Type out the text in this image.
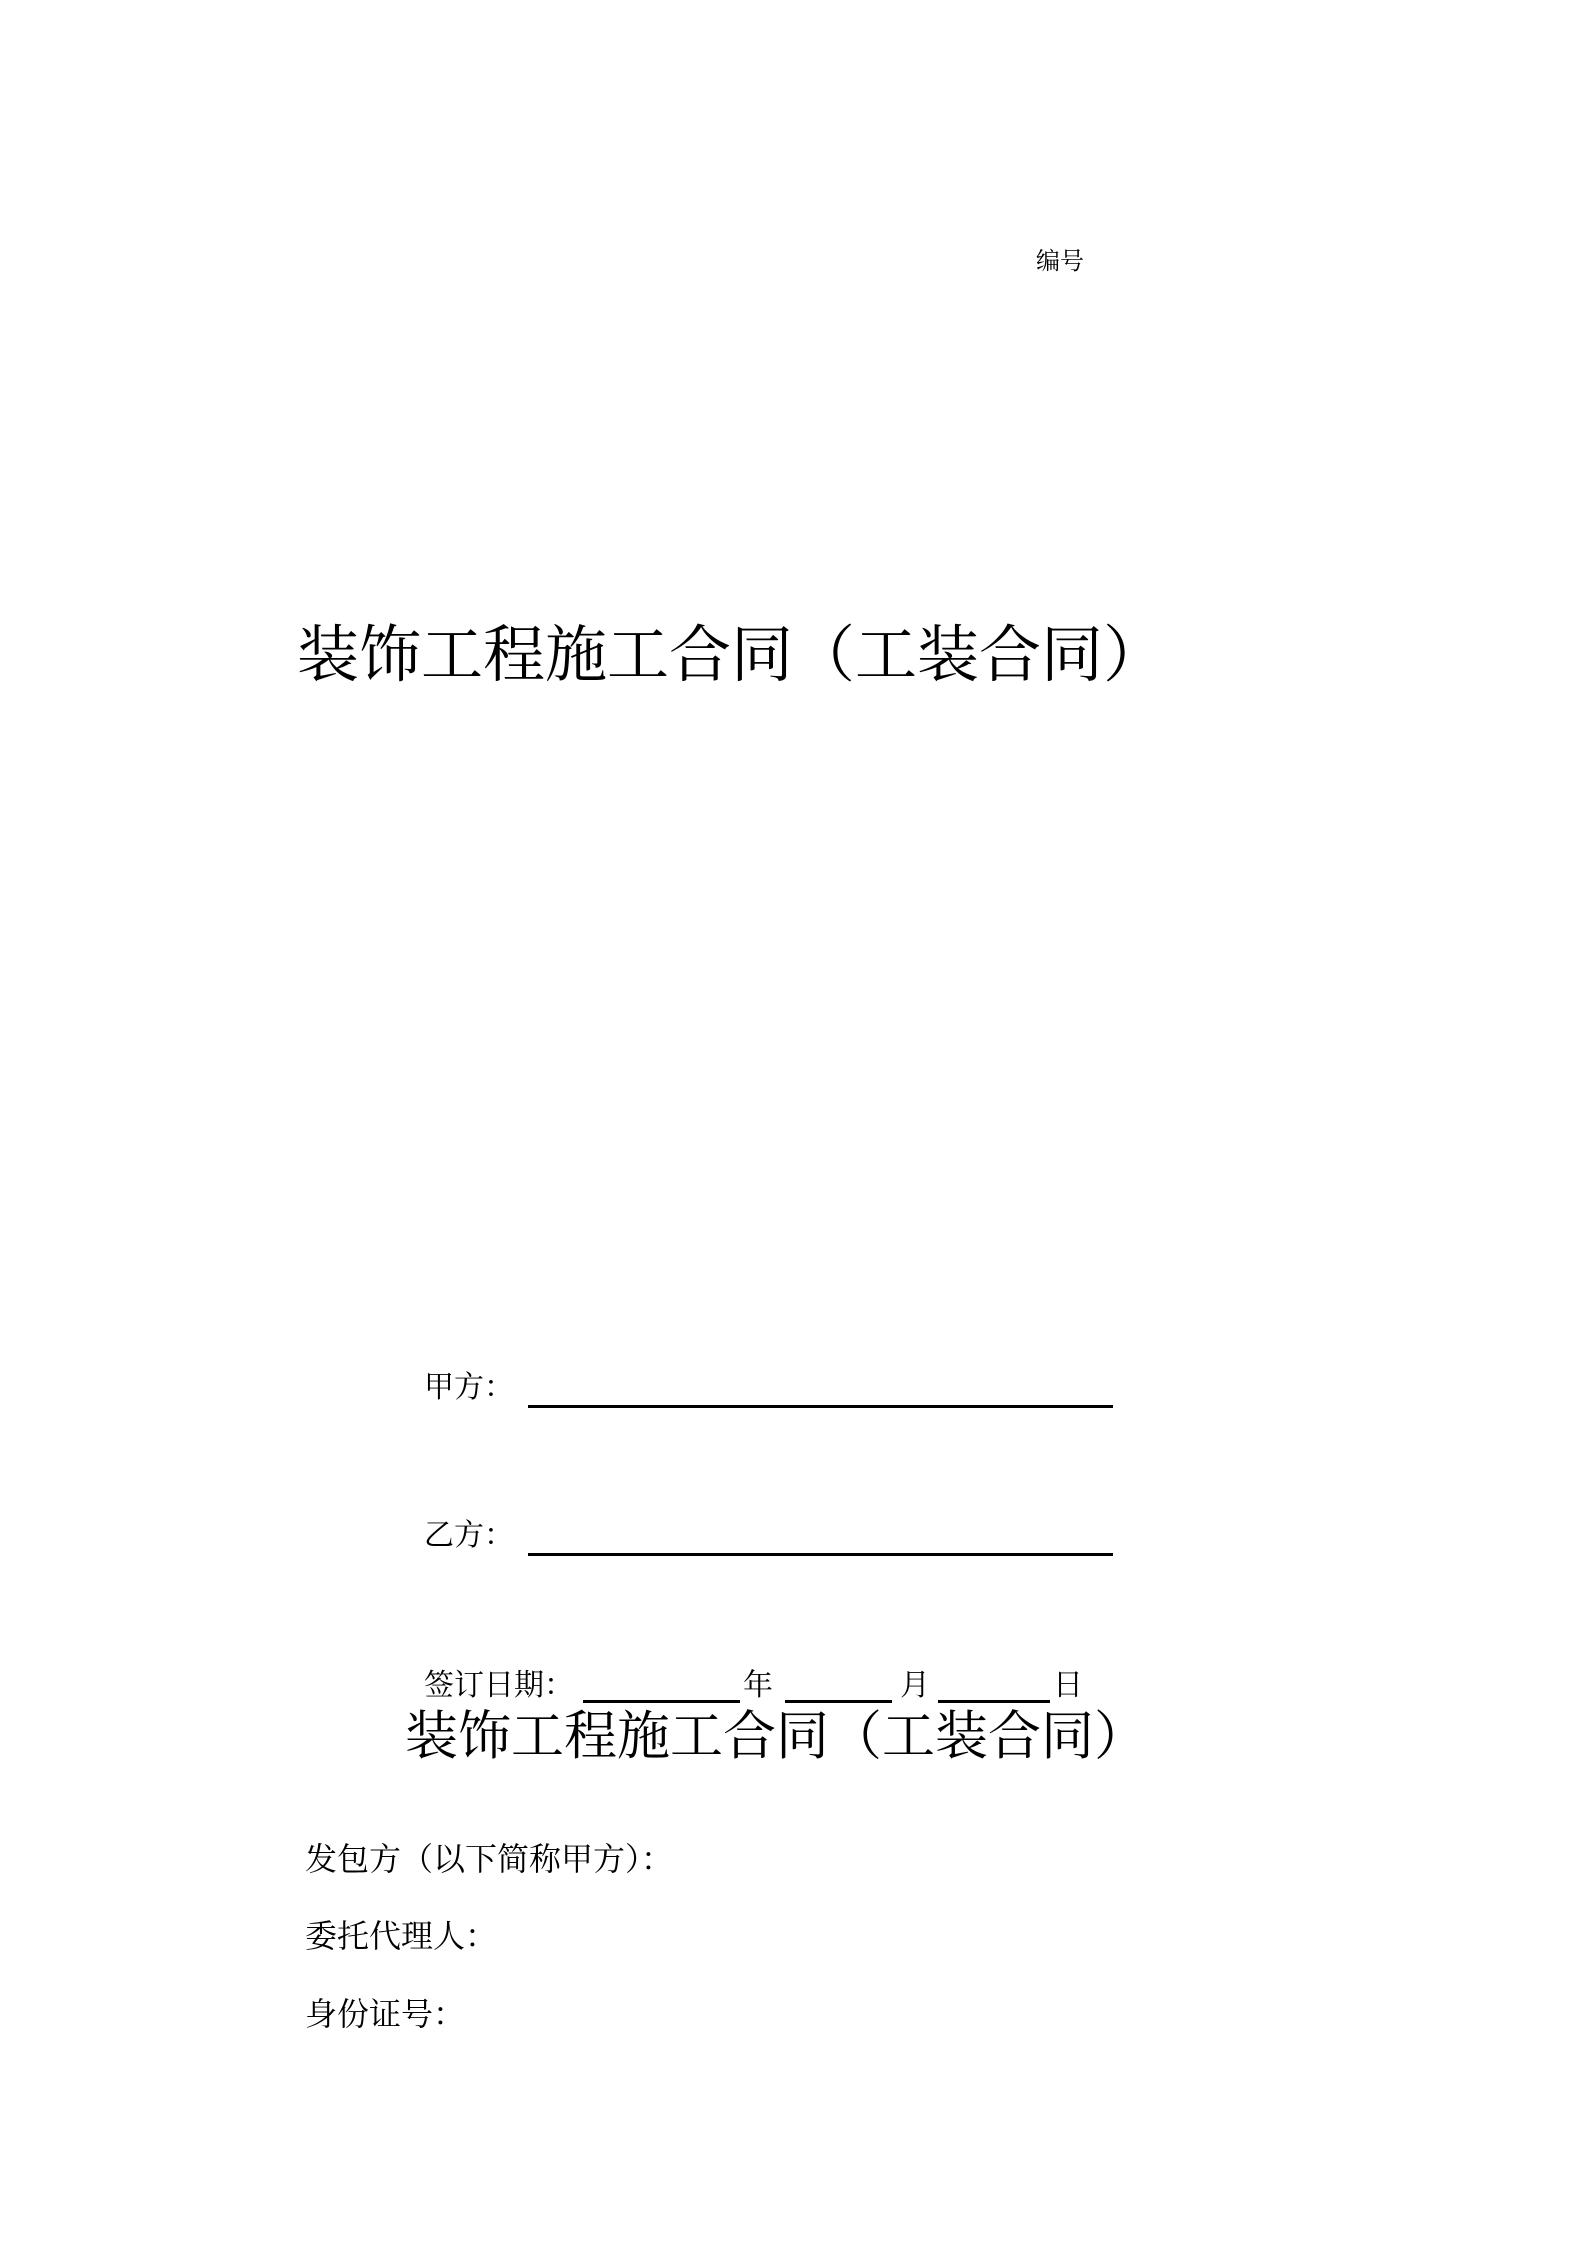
编号
装饰工程施工合同（工装合同）
甲方：
乙方：
签订日期：	年	月	日
装饰工程施工合同（工装合同）
发包方（以下简称甲方）：
委托代理人：
身份证号：
